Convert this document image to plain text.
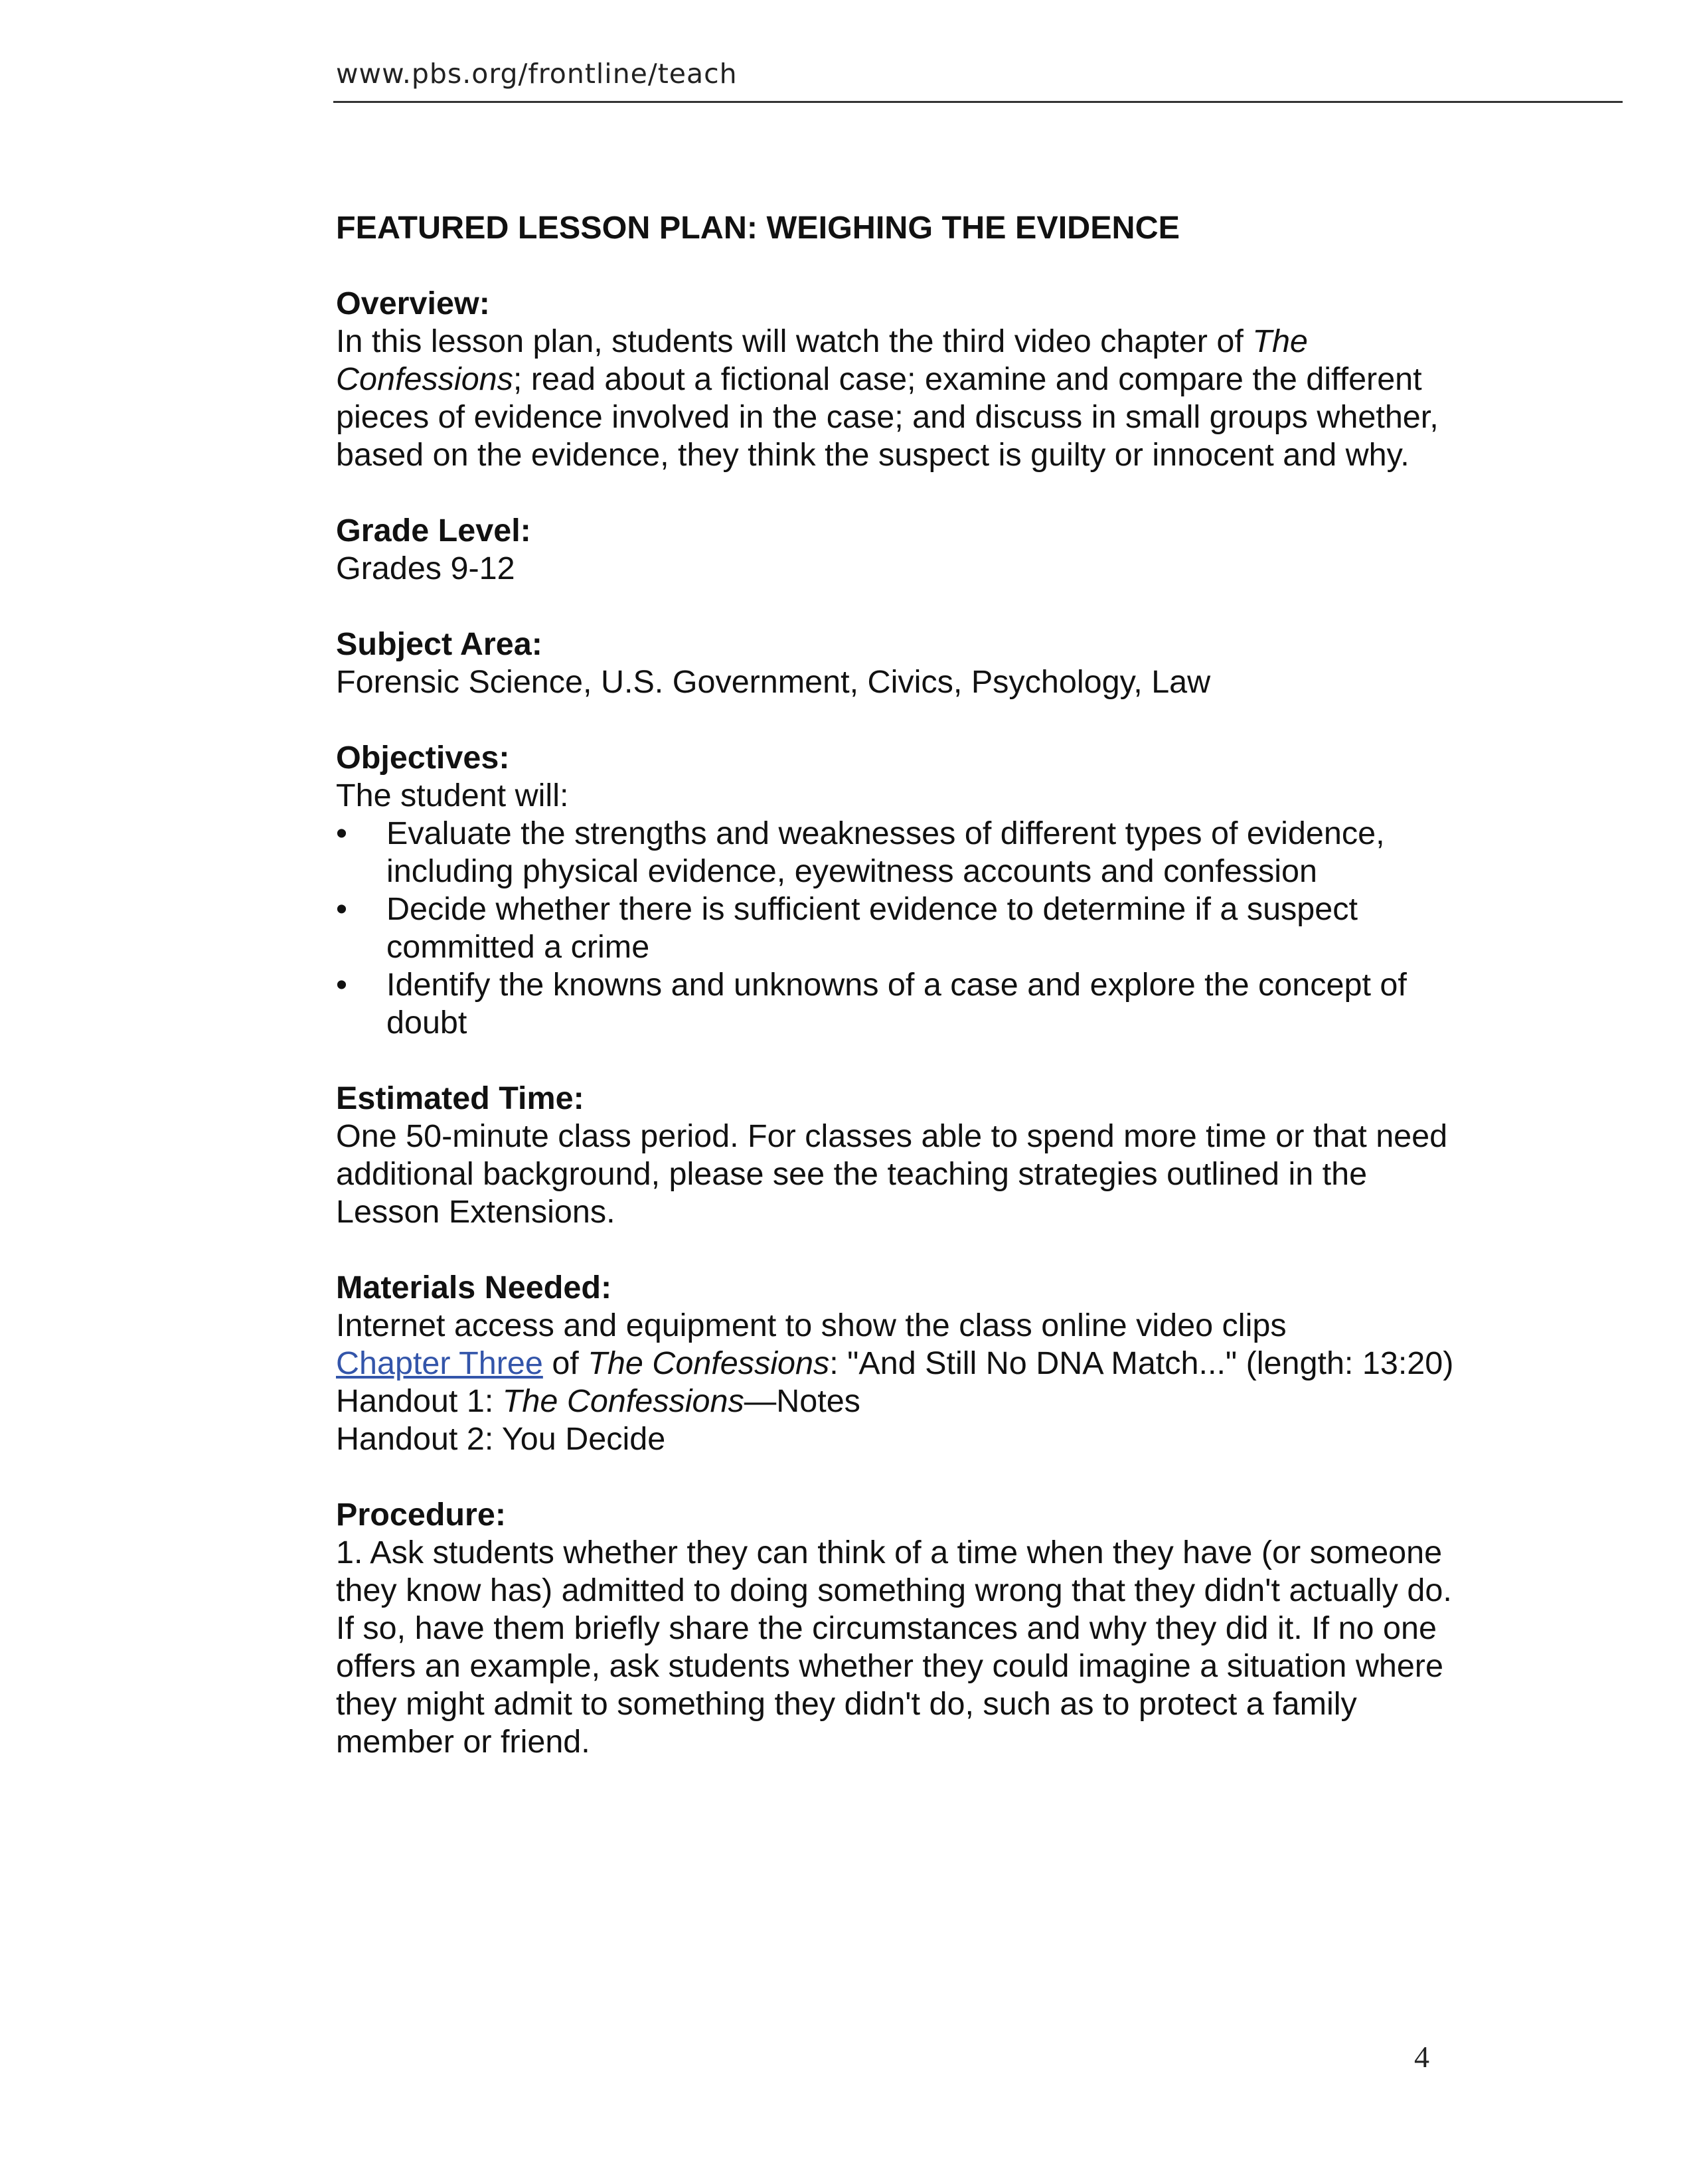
www.pbs.org/frontline/teach
FEATURED LESSON PLAN: WEIGHING THE EVIDENCE
Overview:

In this lesson plan, students will watch the third video chapter of The Confessions; read about a fictional case; examine and compare the different pieces of evidence involved in the case; and discuss in small groups whether, based on the evidence, they think the suspect is guilty or innocent and why.

Grade Level:

Grades 9-12

Subject Area:

Forensic Science, U.S. Government, Civics, Psychology, Law

Objectives:

The student will:

• Evaluate the strengths and weaknesses of different types of evidence, including physical evidence, eyewitness accounts and confession
• Decide whether there is sufficient evidence to determine if a suspect committed a crime
• Identify the knowns and unknowns of a case and explore the concept of doubt
Estimated Time:

One 50-minute class period. For classes able to spend more time or that need additional background, please see the teaching strategies outlined in the Lesson Extensions.

Materials Needed:

Internet access and equipment to show the class online video clips

Chapter Three of The Confessions: "And Still No DNA Match..." (length: 13:20)

Handout 1: The Confessions—Notes

Handout 2: You Decide

Procedure:

1. Ask students whether they can think of a time when they have (or someone they know has) admitted to doing something wrong that they didn't actually do. If so, have them briefly share the circumstances and why they did it. If no one offers an example, ask students whether they could imagine a situation where they might admit to something they didn't do, such as to protect a family member or friend.

4
